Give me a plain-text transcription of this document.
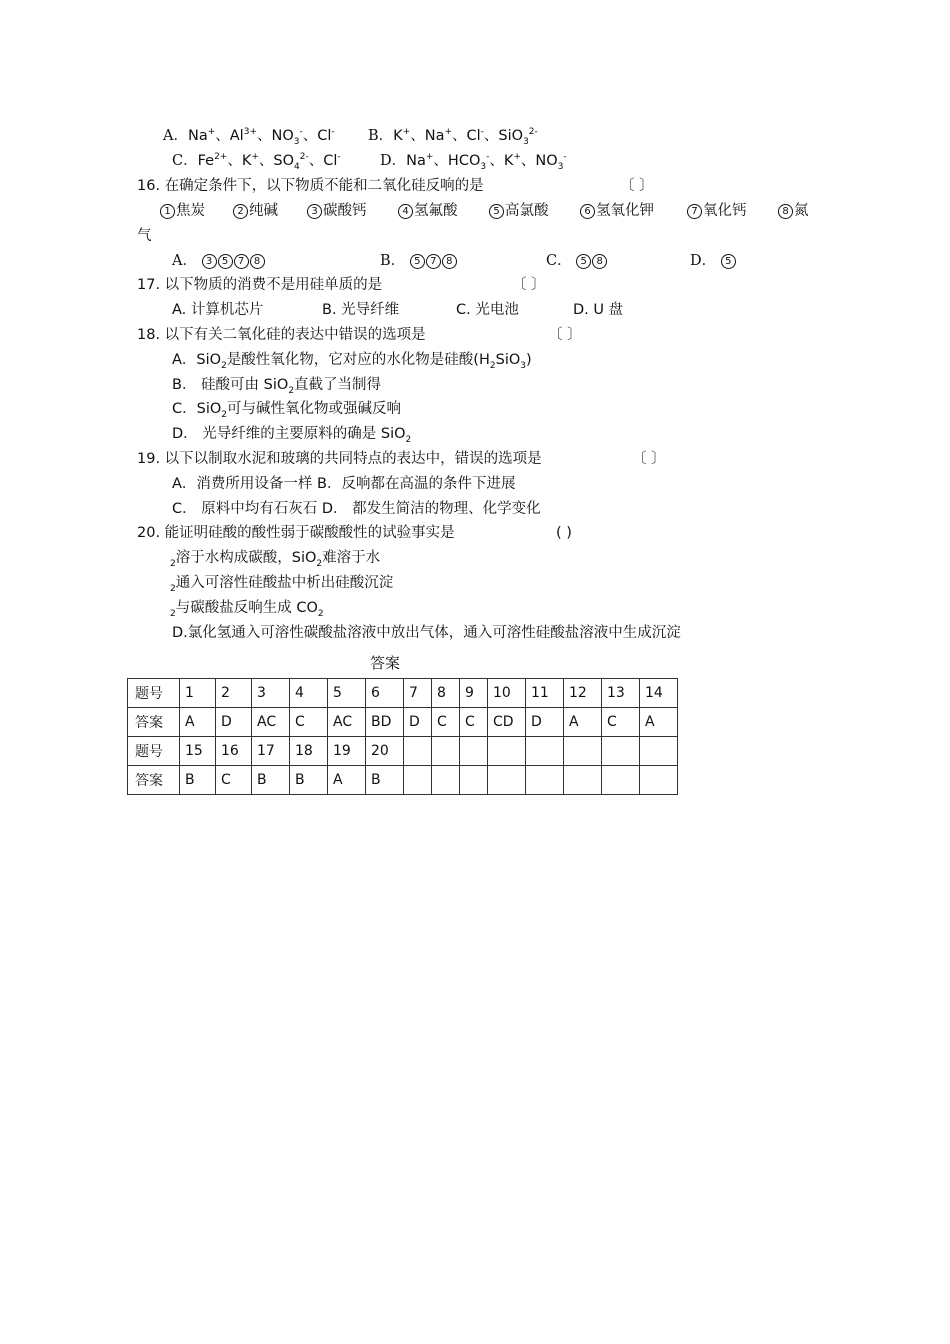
A．Na+、$Al^{3+}$、$NO_3^-$、Cl- B．K+、Na+、Cl-、SiO$_3^{2-}$
C．$Fe^{2+}$、K+、$SO_4^{2-}$、Cl-	D．Na+、$HCO_3^-$、K+、$NO_3^-$
16. 在确定条件下，以下物质不能和二氧化硅反响的是	〔 〕
1 焦炭	2 纯碱	3 碳酸钙	4 氢氟酸	5 高氯酸	6 氢氧化钾	7 氧化钙	8 氮
气
A． 3 5 7 8	B． 5 7 8	C． 5 8	D． 5
17. 以下物质的消费不是用硅单质的是	〔 〕
A. 计算机芯片	B. 光导纤维	C. 光电池	D. U 盘
18. 以下有关二氧化硅的表达中错误的选项是	〔 〕
A．SiO$_2$是酸性氧化物，它对应的水化物是硅酸$(H_2SiO_3)$
B． 硅酸可由 SiO$_2$直截了当制得
C．SiO$_2$可与碱性氧化物或强碱反响
D． 光导纤维的主要原料的确是 SiO$_2$
19. 以下以制取水泥和玻璃的共同特点的表达中，错误的选项是	〔 〕
A．消费所用设备一样 B．反响都在高温的条件下进展
C． 原料中均有石灰石 D． 都发生简洁的物理、化学变化
20. 能证明硅酸的酸性弱于碳酸酸性的试验事实是	( )
$_2$溶于水构成碳酸，SiO$_2$难溶于水
$_2$通入可溶性硅酸盐中析出硅酸沉淀
$_2$与碳酸盐反响生成 $CO_2$
D.氯化氢通入可溶性碳酸盐溶液中放出气体，通入可溶性硅酸盐溶液中生成沉淀
答案
题号	1	2	3	4	5	6	7	8	9	10	11	12	13	14
答案	A	D	AC	C	AC	BD	D	C	C	CD	D	A	C	A
题号	15	16	17	18	19	20								
答案	B	C	B	B	A	B								
